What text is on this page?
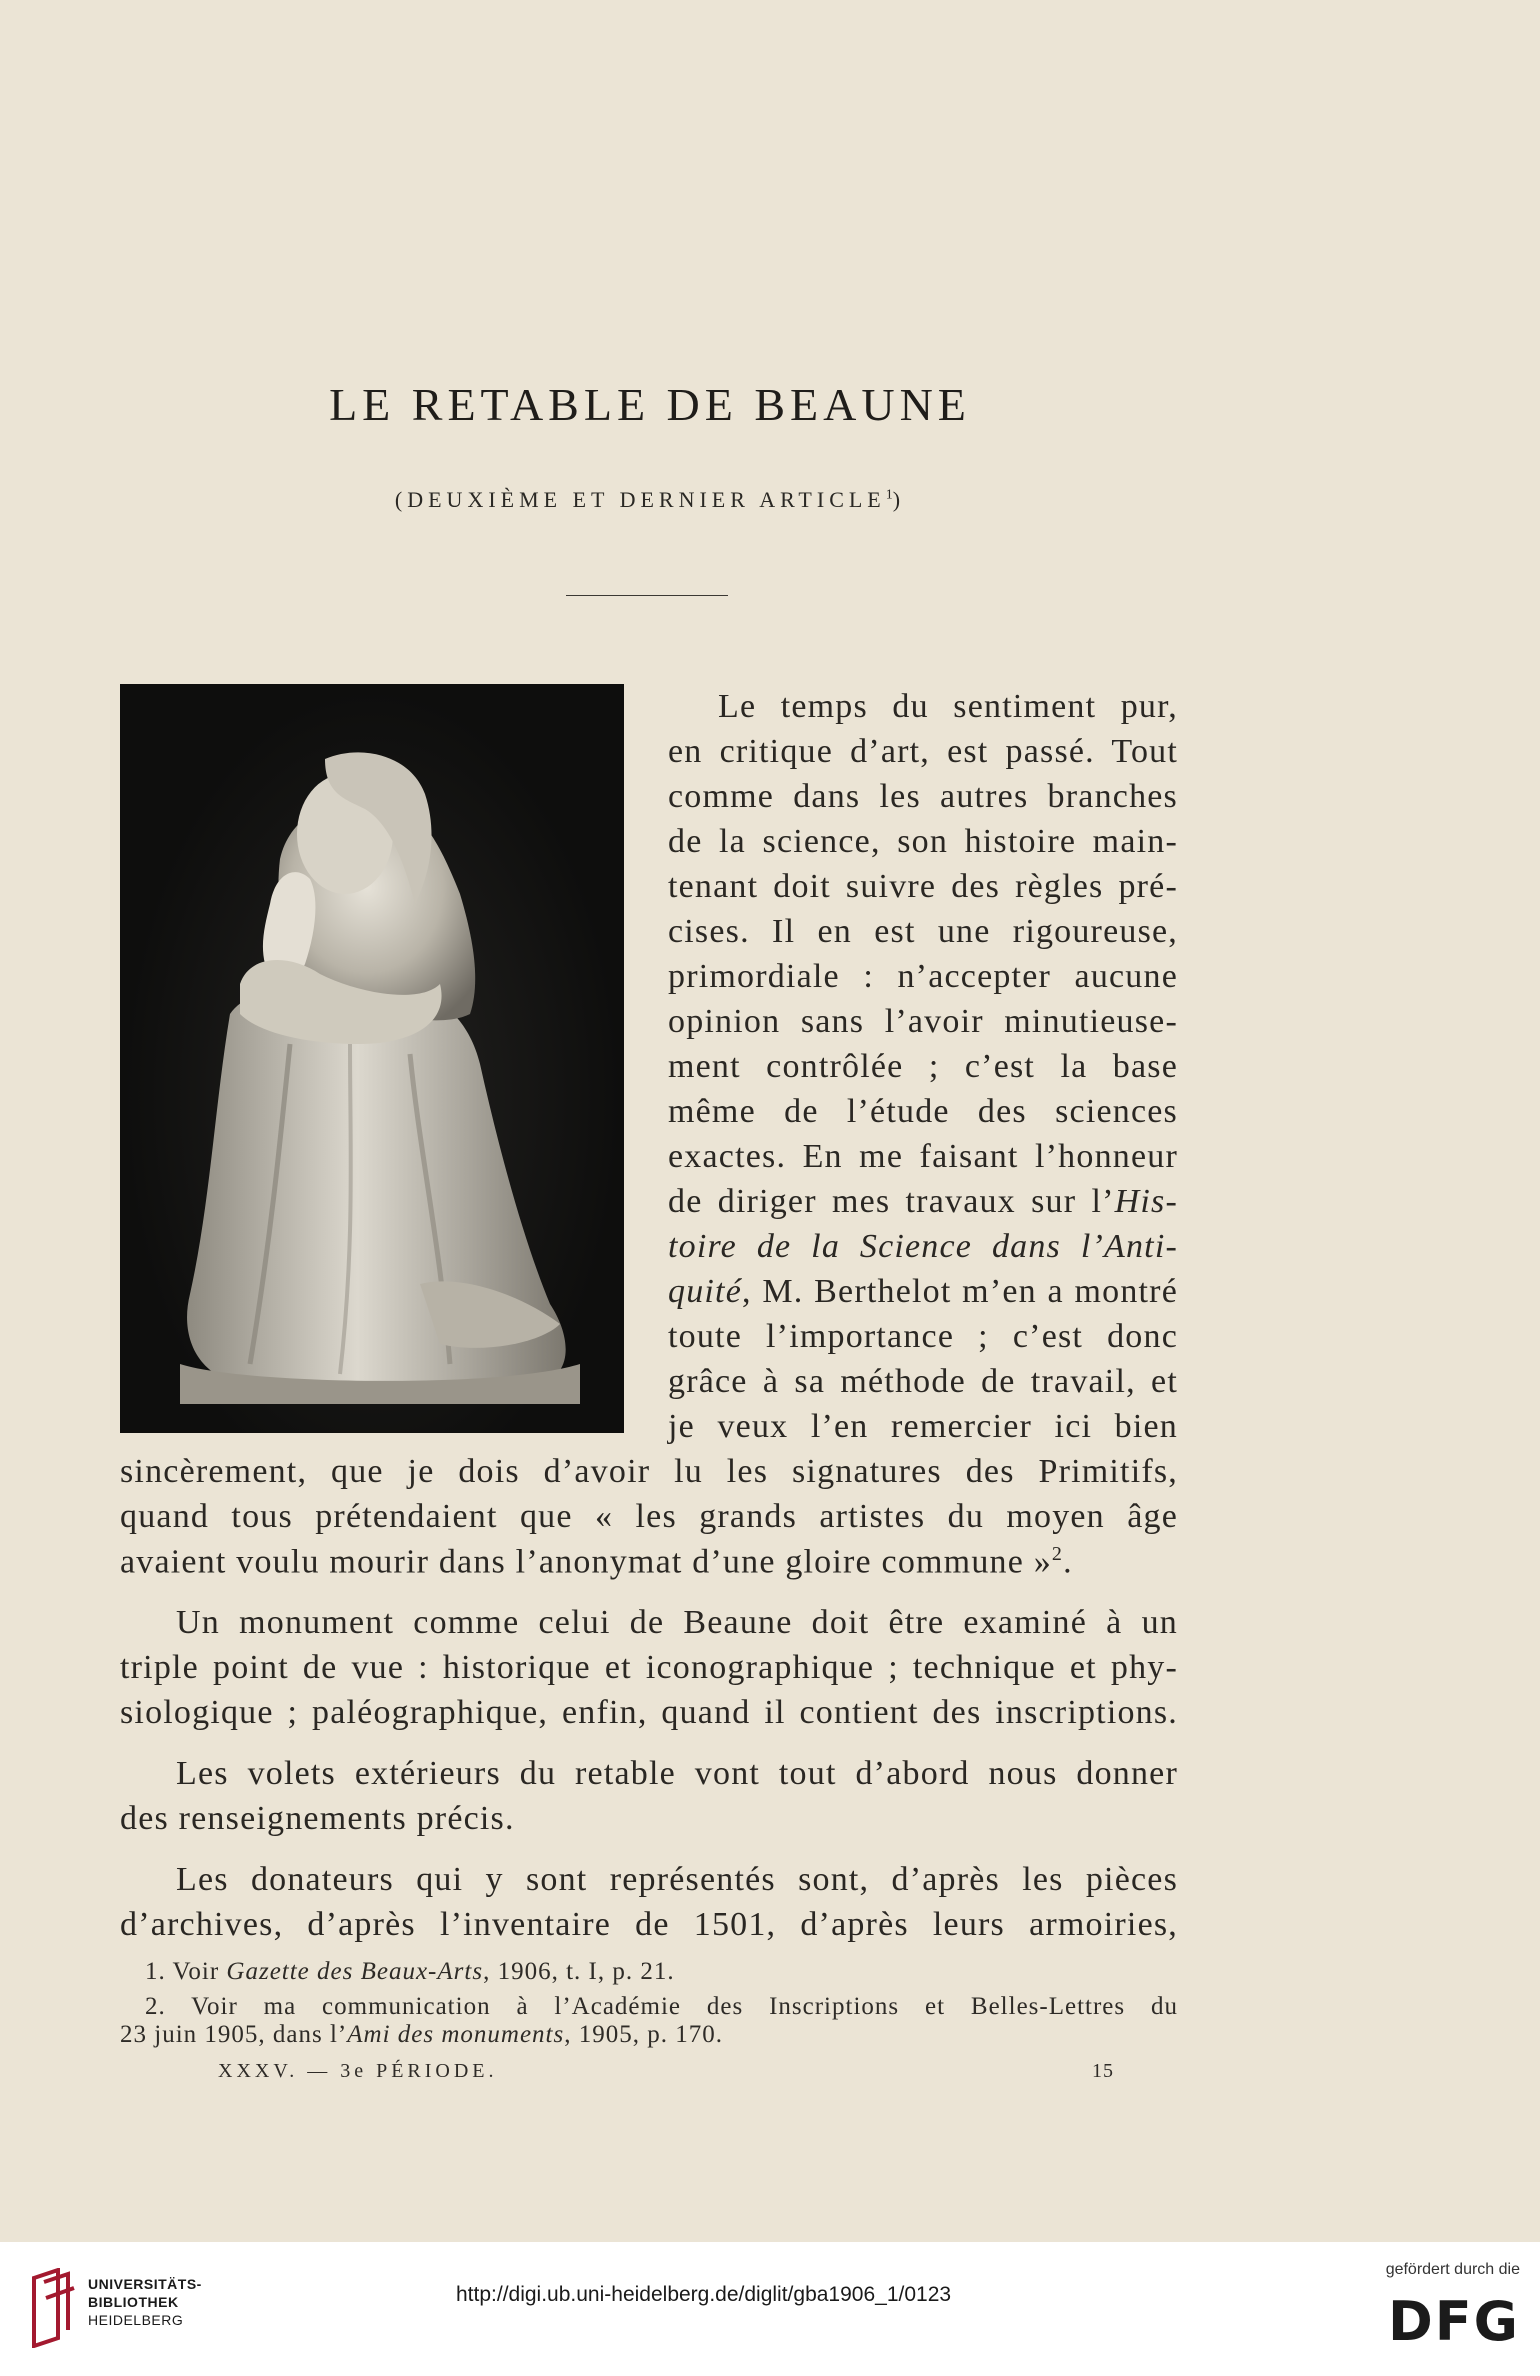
LE RETABLE DE BEAUNE
(DEUXIÈME ET DERNIER ARTICLE$^1$)
Le temps du sentiment pur,
en critique d’art, est passé. Tout
comme dans les autres branches
de la science, son histoire main-
tenant doit suivre des règles pré-
cises. Il en est une rigoureuse,
primordiale : n’accepter aucune
opinion sans l’avoir minutieuse-
ment contrôlée ; c’est la base
même de l’étude des sciences
exactes. En me faisant l’honneur
de diriger mes travaux sur l’His-
toire de la Science dans l’Anti-
quité, M. Berthelot m’en a montré
toute l’importance ; c’est donc
grâce à sa méthode de travail, et
je veux l’en remercier ici bien
sincèrement, que je dois d’avoir lu les signatures des Primitifs,
quand tous prétendaient que « les grands artistes du moyen âge
avaient voulu mourir dans l’anonymat d’une gloire commune »$^2$.
Un monument comme celui de Beaune doit être examiné à un
triple point de vue : historique et iconographique ; technique et phy-
siologique ; paléographique, enfin, quand il contient des inscriptions.
Les volets extérieurs du retable vont tout d’abord nous donner
des renseignements précis.
Les donateurs qui y sont représentés sont, d’après les pièces
d’archives, d’après l’inventaire de 1501, d’après leurs armoiries,
1. Voir Gazette des Beaux-Arts, 1906, t. I, p. 21.
2. Voir ma communication à l’Académie des Inscriptions et Belles-Lettres du
23 juin 1905, dans l’Ami des monuments, 1905, p. 170.
XXXV. — 3e PÉRIODE.	15
UNIVERSITÄTS-
BIBLIOTHEK
HEIDELBERG
http://digi.ub.uni-heidelberg.de/diglit/gba1906_1/0123
gefördert durch die
DFG
